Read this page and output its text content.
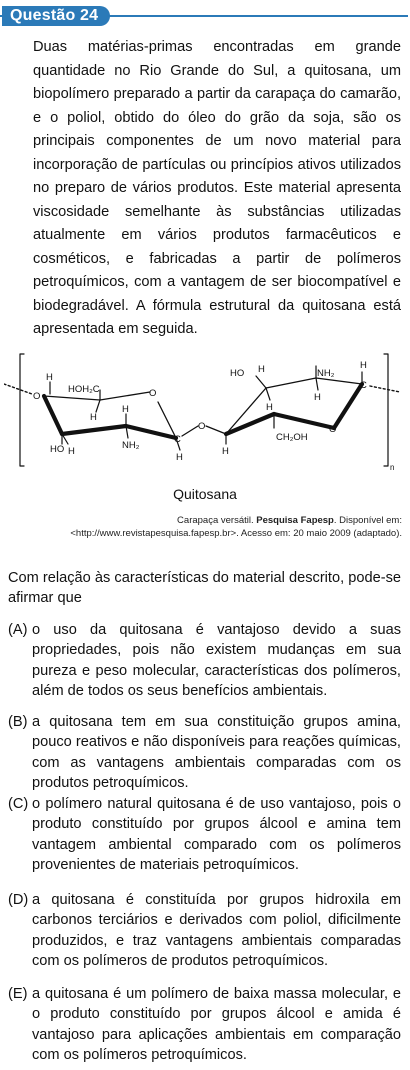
Questão 24

Duas matérias-primas encontradas em grande quantidade no Rio Grande do Sul, a quitosana, um biopolímero preparado a partir da carapaça do camarão, e o poliol, obtido do óleo do grão da soja, são os principais componentes de um novo material para incorporação de partículas ou princípios ativos utilizados no preparo de vários produtos. Este material apresenta viscosidade semelhante às substâncias utilizadas atualmente em vários produtos farmacêuticos e cosméticos, e fabricadas a partir de polímeros petroquímicos, com a vantagem de ser biocompatível e biodegradável. A fórmula estrutural da quitosana está apresentada em seguida.

H
HOH₂C
H
O
O
HO H
H
NH₂
C
H
O
H
HO H	NH₂
H
C
H
H
CH₂OH
O
n
Quitosana
Carapaça versátil. Pesquisa Fapesp. Disponível em: <http://www.revistapesquisa.fapesp.br>. Acesso em: 20 maio 2009 (adaptado).

Com relação às características do material descrito, pode-se afirmar que

(A) o uso da quitosana é vantajoso devido a suas propriedades, pois não existem mudanças em sua pureza e peso molecular, características dos polímeros, além de todos os seus benefícios ambientais.
(B) a quitosana tem em sua constituição grupos amina, pouco reativos e não disponíveis para reações químicas, com as vantagens ambientais comparadas com os produtos petroquímicos.
(C) o polímero natural quitosana é de uso vantajoso, pois o produto constituído por grupos álcool e amina tem vantagem ambiental comparado com os polímeros provenientes de materiais petroquímicos.
(D) a quitosana é constituída por grupos hidroxila em carbonos terciários e derivados com poliol, dificilmente produzidos, e traz vantagens ambientais comparadas com os polímeros de produtos petroquímicos.
(E) a quitosana é um polímero de baixa massa molecular, e o produto constituído por grupos álcool e amida é vantajoso para aplicações ambientais em comparação com os polímeros petroquímicos.
